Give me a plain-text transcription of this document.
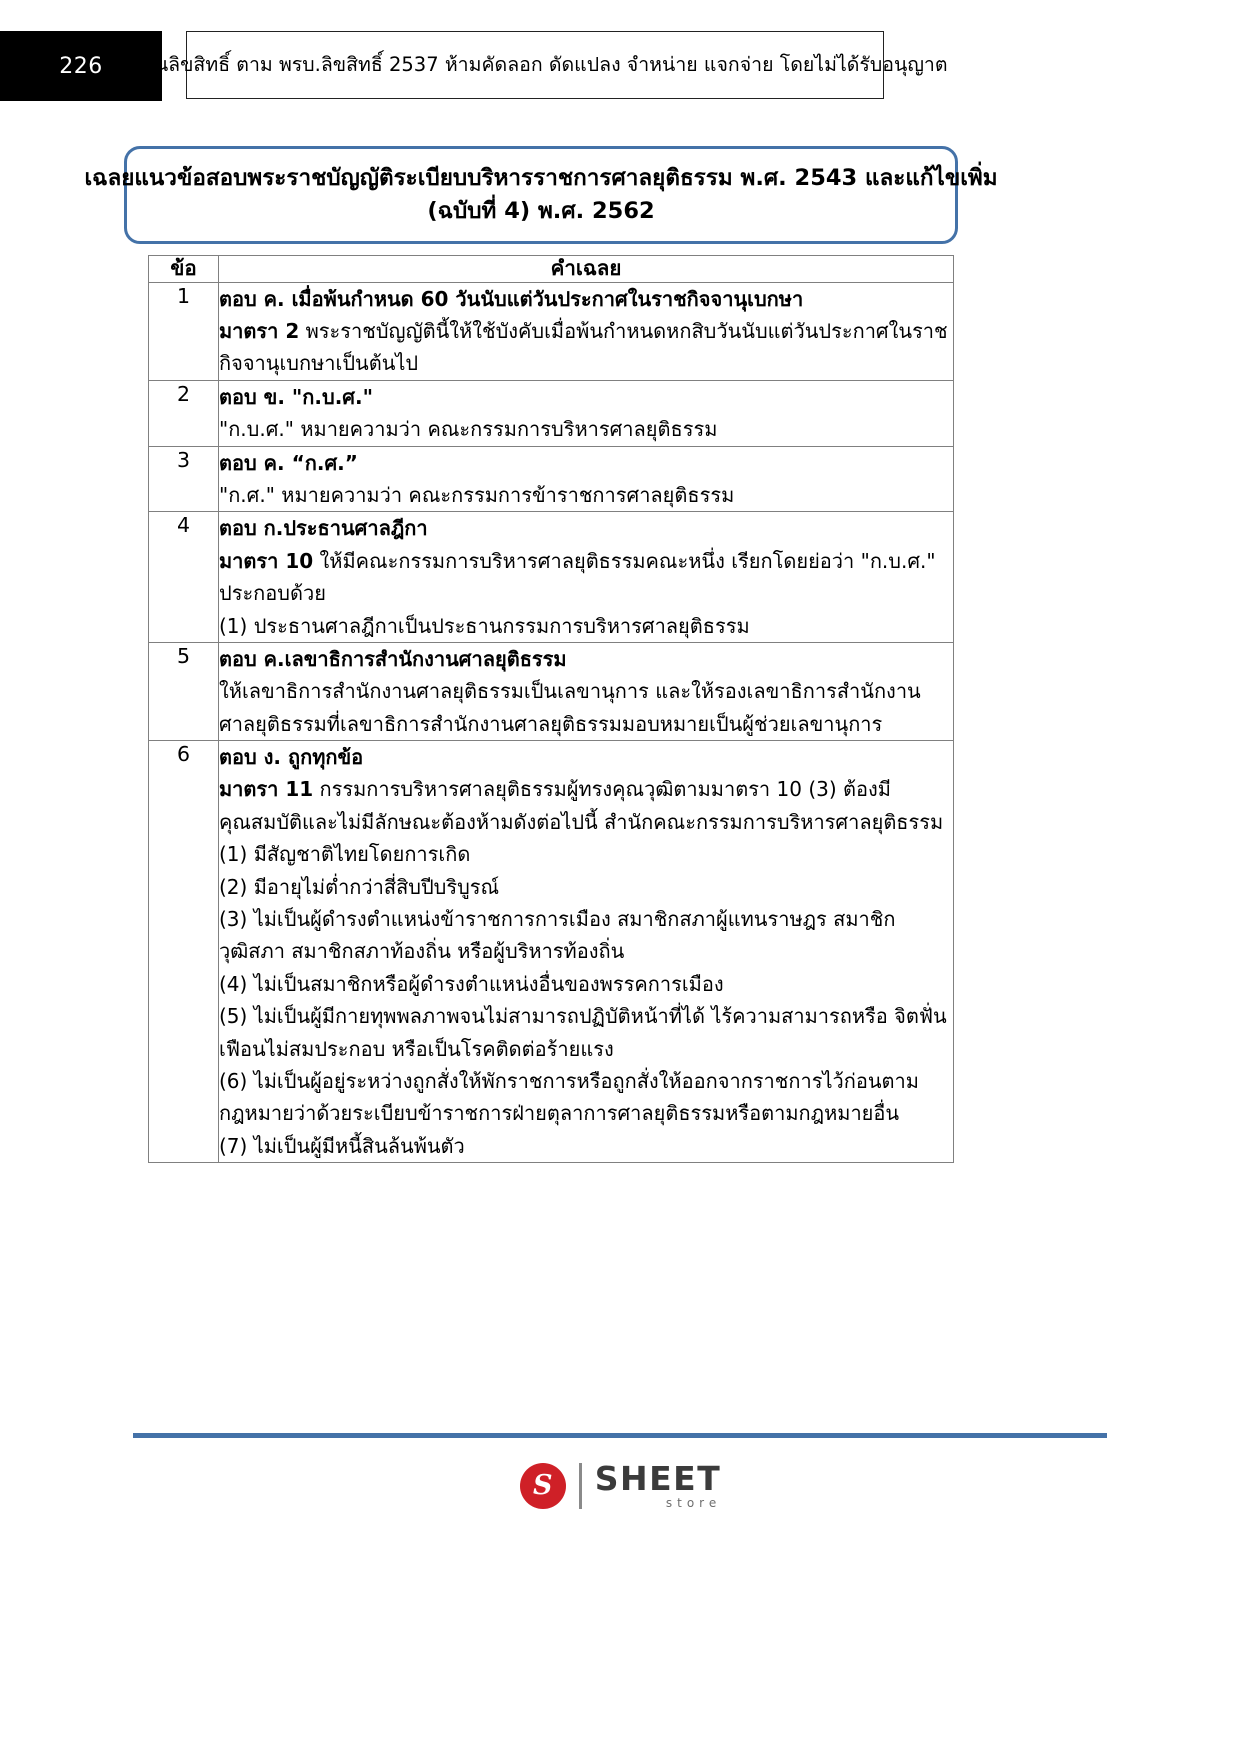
226 สงวนลิขสิทธิ์ ตาม พรบ.ลิขสิทธิ์ 2537 ห้ามคัดลอก ดัดแปลง จำหน่าย แจกจ่าย โดยไม่ได้รับอนุญาต
เฉลยแนวข้อสอบพระราชบัญญัติระเบียบบริหารราชการศาลยุติธรรม พ.ศ. 2543 และแก้ไขเพิ่ม
(ฉบับที่ 4) พ.ศ. 2562
ข้อ	คำเฉลย
1	ตอบ ค. เมื่อพ้นกำหนด 60 วันนับแต่วันประกาศในราชกิจจานุเบกษา

มาตรา 2 พระราชบัญญัตินี้ให้ใช้บังคับเมื่อพ้นกำหนดหกสิบวันนับแต่วันประกาศในราชกิจจานุเบกษาเป็นต้นไป

2	ตอบ ข. "ก.บ.ศ."

"ก.บ.ศ." หมายความว่า คณะกรรมการบริหารศาลยุติธรรม

3	ตอบ ค. “ก.ศ.”

"ก.ศ." หมายความว่า คณะกรรมการข้าราชการศาลยุติธรรม

4	ตอบ ก.ประธานศาลฎีกา

มาตรา 10 ให้มีคณะกรรมการบริหารศาลยุติธรรมคณะหนึ่ง เรียกโดยย่อว่า "ก.บ.ศ." ประกอบด้วย

(1) ประธานศาลฎีกาเป็นประธานกรรมการบริหารศาลยุติธรรม

5	ตอบ ค.เลขาธิการสำนักงานศาลยุติธรรม

ให้เลขาธิการสำนักงานศาลยุติธรรมเป็นเลขานุการ และให้รองเลขาธิการสำนักงานศาลยุติธรรมที่เลขาธิการสำนักงานศาลยุติธรรมมอบหมายเป็นผู้ช่วยเลขานุการ

6	ตอบ ง. ถูกทุกข้อ

มาตรา 11 กรรมการบริหารศาลยุติธรรมผู้ทรงคุณวุฒิตามมาตรา 10 (3) ต้องมีคุณสมบัติและไม่มีลักษณะต้องห้ามดังต่อไปนี้ สำนักคณะกรรมการบริหารศาลยุติธรรม

(1) มีสัญชาติไทยโดยการเกิด

(2) มีอายุไม่ต่ำกว่าสี่สิบปีบริบูรณ์

(3) ไม่เป็นผู้ดำรงตำแหน่งข้าราชการการเมือง สมาชิกสภาผู้แทนราษฎร สมาชิกวุฒิสภา สมาชิกสภาท้องถิ่น หรือผู้บริหารท้องถิ่น

(4) ไม่เป็นสมาชิกหรือผู้ดำรงตำแหน่งอื่นของพรรคการเมือง

(5) ไม่เป็นผู้มีกายทุพพลภาพจนไม่สามารถปฏิบัติหน้าที่ได้ ไร้ความสามารถหรือ จิตฟั่นเฟือนไม่สมประกอบ หรือเป็นโรคติดต่อร้ายแรง

(6) ไม่เป็นผู้อยู่ระหว่างถูกสั่งให้พักราชการหรือถูกสั่งให้ออกจากราชการไว้ก่อนตามกฎหมายว่าด้วยระเบียบข้าราชการฝ่ายตุลาการศาลยุติธรรมหรือตามกฎหมายอื่น

(7) ไม่เป็นผู้มีหนี้สินล้นพ้นตัว

S SHEET
store
